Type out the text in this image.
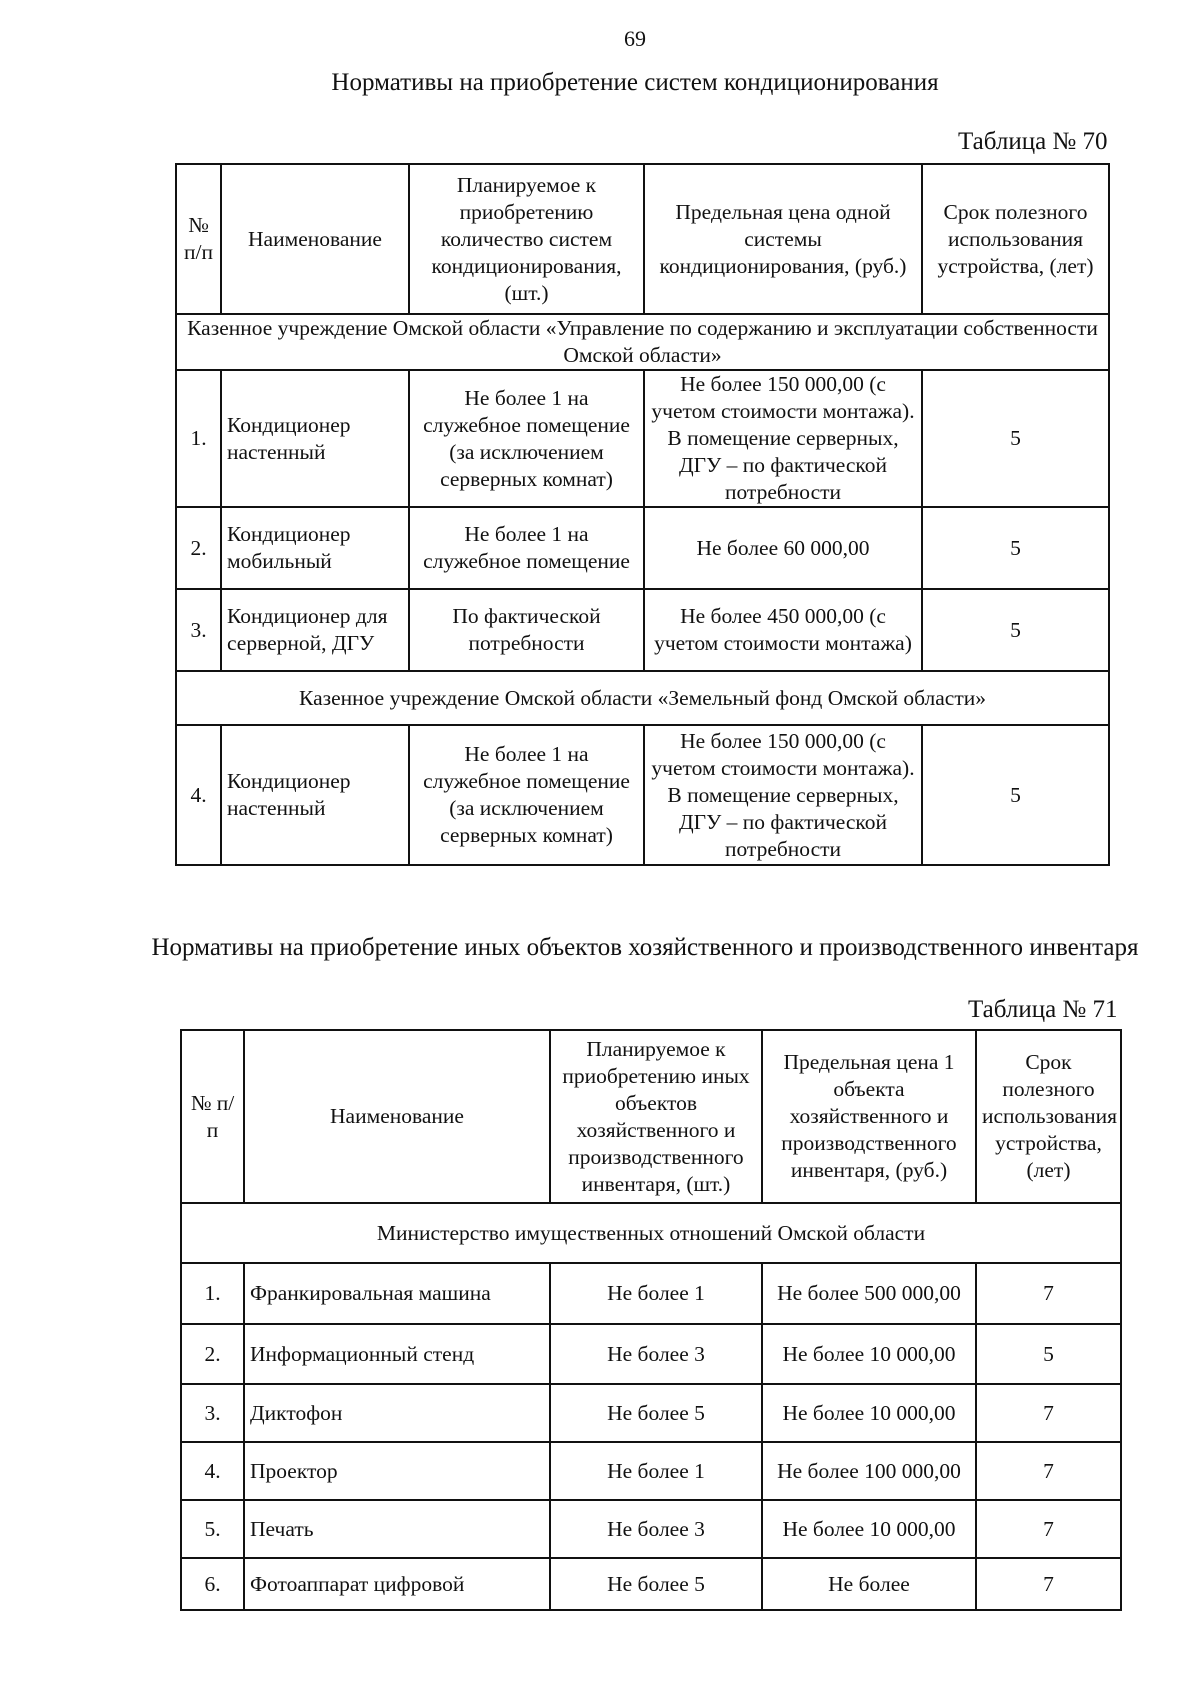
69
Нормативы на приобретение систем кондиционирования
Таблица № 70
№ п/п	Наименование	Планируемое к приобретению количество систем кондиционирования, (шт.)	Предельная цена одной системы кондиционирования, (руб.)	Срок полезного использования устройства, (лет)
Казенное учреждение Омской области «Управление по содержанию и эксплуатации собственности Омской области»				
1.	Кондиционер настенный	Не более 1 на служебное помещение (за исключением серверных комнат)	Не более 150 000,00 (с учетом стоимости монтажа). В помещение серверных, ДГУ – по фактической потребности	5
2.	Кондиционер мобильный	Не более 1 на служебное помещение	Не более 60 000,00	5
3.	Кондиционер для серверной, ДГУ	По фактической потребности	Не более 450 000,00 (с учетом стоимости монтажа)	5
Казенное учреждение Омской области «Земельный фонд Омской области»				
4.	Кондиционер настенный	Не более 1 на служебное помещение (за исключением серверных комнат)	Не более 150 000,00 (с учетом стоимости монтажа). В помещение серверных, ДГУ – по фактической потребности	5
Нормативы на приобретение иных объектов хозяйственного и производственного инвентаря
Таблица № 71
№ п/п	Наименование	Планируемое к приобретению иных объектов хозяйственного и производственного инвентаря, (шт.)	Предельная цена 1 объекта хозяйственного и производственного инвентаря, (руб.)	Срок полезного использования устройства, (лет)
Министерство имущественных отношений Омской области				
1.	Франкировальная машина	Не более 1	Не более 500 000,00	7
2.	Информационный стенд	Не более 3	Не более 10 000,00	5
3.	Диктофон	Не более 5	Не более 10 000,00	7
4.	Проектор	Не более 1	Не более 100 000,00	7
5.	Печать	Не более 3	Не более 10 000,00	7
6.	Фотоаппарат цифровой	Не более 5	Не более	7
